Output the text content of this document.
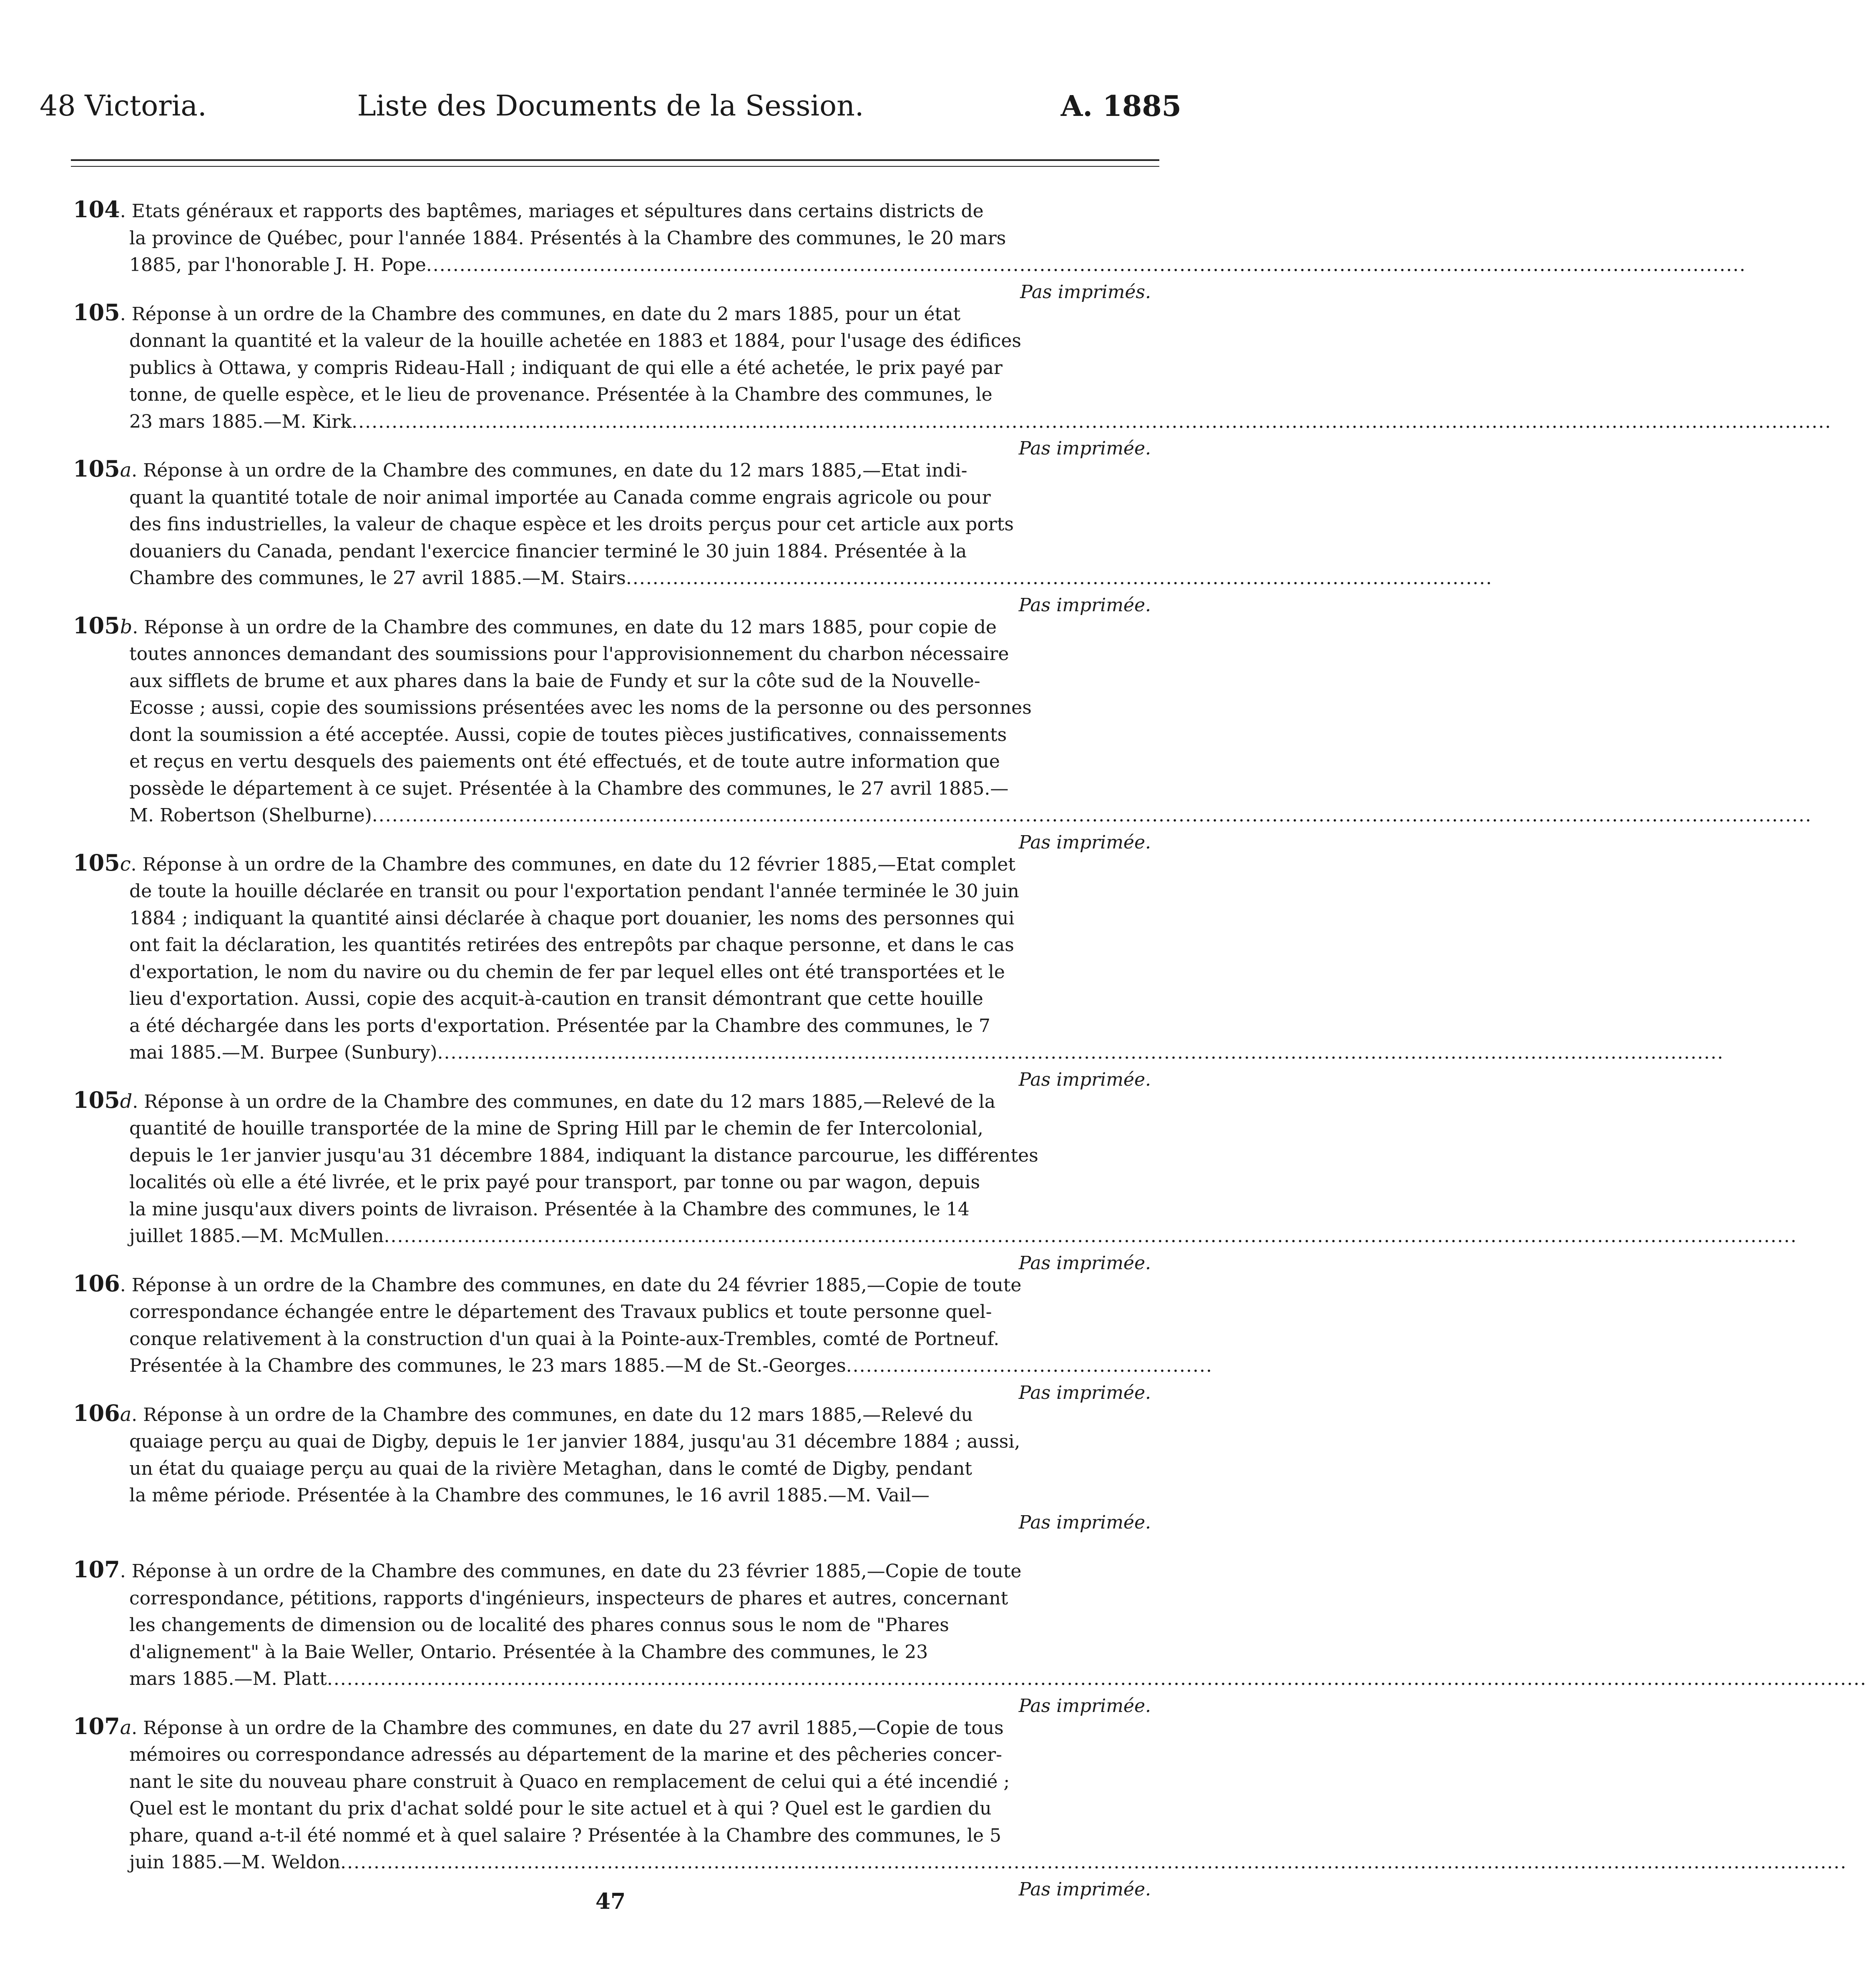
48 Victoria.	Liste des Documents de la Session.	A. 1885
104. Etats généraux et rapports des baptêmes, mariages et sépultures dans certains districts de
la province de Québec, pour l'année 1884. Présentés à la Chambre des communes, le 20 mars
1885, par l'honorable J. H. Pope......................................................................................................................................................................................................
Pas imprimés.
105. Réponse à un ordre de la Chambre des communes, en date du 2 mars 1885, pour un état
donnant la quantité et la valeur de la houille achetée en 1883 et 1884, pour l'usage des édifices
publics à Ottawa, y compris Rideau-Hall ; indiquant de qui elle a été achetée, le prix payé par
tonne, de quelle espèce, et le lieu de provenance. Présentée à la Chambre des communes, le
23 mars 1885.—M. Kirk..............................................................................................................................................................................................................................
Pas imprimée.
105a. Réponse à un ordre de la Chambre des communes, en date du 12 mars 1885,—Etat indi-
quant la quantité totale de noir animal importée au Canada comme engrais agricole ou pour
des fins industrielles, la valeur de chaque espèce et les droits perçus pour cet article aux ports
douaniers du Canada, pendant l'exercice financier terminé le 30 juin 1884. Présentée à la
Chambre des communes, le 27 avril 1885.—M. Stairs..................................................................................................................................
Pas imprimée.
105b. Réponse à un ordre de la Chambre des communes, en date du 12 mars 1885, pour copie de
toutes annonces demandant des soumissions pour l'approvisionnement du charbon nécessaire
aux sifflets de brume et aux phares dans la baie de Fundy et sur la côte sud de la Nouvelle-
Ecosse ; aussi, copie des soumissions présentées avec les noms de la personne ou des personnes
dont la soumission a été acceptée. Aussi, copie de toutes pièces justificatives, connaissements
et reçus en vertu desquels des paiements ont été effectués, et de toute autre information que
possède le département à ce sujet. Présentée à la Chambre des communes, le 27 avril 1885.—
M. Robertson (Shelburne)........................................................................................................................................................................................................................
Pas imprimée.
105c. Réponse à un ordre de la Chambre des communes, en date du 12 février 1885,—Etat complet
de toute la houille déclarée en transit ou pour l'exportation pendant l'année terminée le 30 juin
1884 ; indiquant la quantité ainsi déclarée à chaque port douanier, les noms des personnes qui
ont fait la déclaration, les quantités retirées des entrepôts par chaque personne, et dans le cas
d'exportation, le nom du navire ou du chemin de fer par lequel elles ont été transportées et le
lieu d'exportation. Aussi, copie des acquit-à-caution en transit démontrant que cette houille
a été déchargée dans les ports d'exportation. Présentée par la Chambre des communes, le 7
mai 1885.—M. Burpee (Sunbury).................................................................................................................................................................................................
Pas imprimée.
105d. Réponse à un ordre de la Chambre des communes, en date du 12 mars 1885,—Relevé de la
quantité de houille transportée de la mine de Spring Hill par le chemin de fer Intercolonial,
depuis le 1er janvier jusqu'au 31 décembre 1884, indiquant la distance parcourue, les différentes
localités où elle a été livrée, et le prix payé pour transport, par tonne ou par wagon, depuis
la mine jusqu'aux divers points de livraison. Présentée à la Chambre des communes, le 14
juillet 1885.—M. McMullen....................................................................................................................................................................................................................
Pas imprimée.
106. Réponse à un ordre de la Chambre des communes, en date du 24 février 1885,—Copie de toute
correspondance échangée entre le département des Travaux publics et toute personne quel-
conque relativement à la construction d'un quai à la Pointe-aux-Trembles, comté de Portneuf.
Présentée à la Chambre des communes, le 23 mars 1885.—M de St.-Georges.......................................................
Pas imprimée.
106a. Réponse à un ordre de la Chambre des communes, en date du 12 mars 1885,—Relevé du
quaiage perçu au quai de Digby, depuis le 1er janvier 1884, jusqu'au 31 décembre 1884 ; aussi,
un état du quaiage perçu au quai de la rivière Metaghan, dans le comté de Digby, pendant
la même période. Présentée à la Chambre des communes, le 16 avril 1885.—M. Vail—
Pas imprimée.
107. Réponse à un ordre de la Chambre des communes, en date du 23 février 1885,—Copie de toute
correspondance, pétitions, rapports d'ingénieurs, inspecteurs de phares et autres, concernant
les changements de dimension ou de localité des phares connus sous le nom de "Phares
d'alignement" à la Baie Weller, Ontario. Présentée à la Chambre des communes, le 23
mars 1885.—M. Platt.......................................................................................................................................................................................................................................
Pas imprimée.
107a. Réponse à un ordre de la Chambre des communes, en date du 27 avril 1885,—Copie de tous
mémoires ou correspondance adressés au département de la marine et des pêcheries concer-
nant le site du nouveau phare construit à Quaco en remplacement de celui qui a été incendié ;
Quel est le montant du prix d'achat soldé pour le site actuel et à qui ? Quel est le gardien du
phare, quand a-t-il été nommé et à quel salaire ? Présentée à la Chambre des communes, le 5
juin 1885.—M. Weldon..................................................................................................................................................................................................................................
Pas imprimée.
47
